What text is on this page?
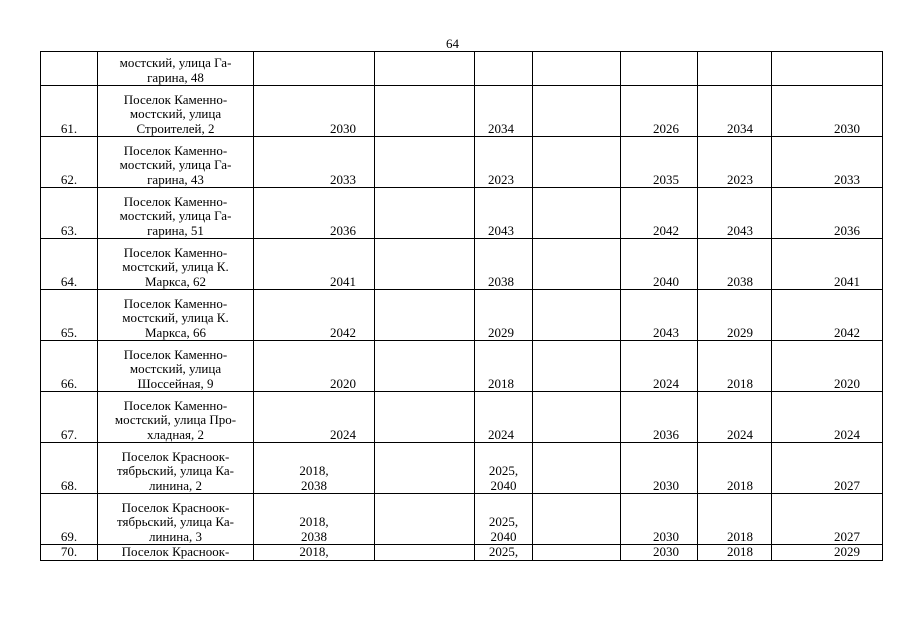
64
	мостский, улица Га-
гарина, 48							
61.	Поселок Каменно-
мостский, улица
Строителей, 2	2030		2034		2026	2034	2030
62.	Поселок Каменно-
мостский, улица Га-
гарина, 43	2033		2023		2035	2023	2033
63.	Поселок Каменно-
мостский, улица Га-
гарина, 51	2036		2043		2042	2043	2036
64.	Поселок Каменно-
мостский, улица К.
Маркса, 62	2041		2038		2040	2038	2041
65.	Поселок Каменно-
мостский, улица К.
Маркса, 66	2042		2029		2043	2029	2042
66.	Поселок Каменно-
мостский, улица
Шоссейная, 9	2020		2018		2024	2018	2020
67.	Поселок Каменно-
мостский, улица Про-
хладная, 2	2024		2024		2036	2024	2024
68.	Поселок Красноок-
тябрьский, улица Ка-
линина, 2	2018,
2038		2025,
2040		2030	2018	2027
69.	Поселок Красноок-
тябрьский, улица Ка-
линина, 3	2018,
2038		2025,
2040		2030	2018	2027
70.	Поселок Красноок-	2018,		2025,		2030	2018	2029
